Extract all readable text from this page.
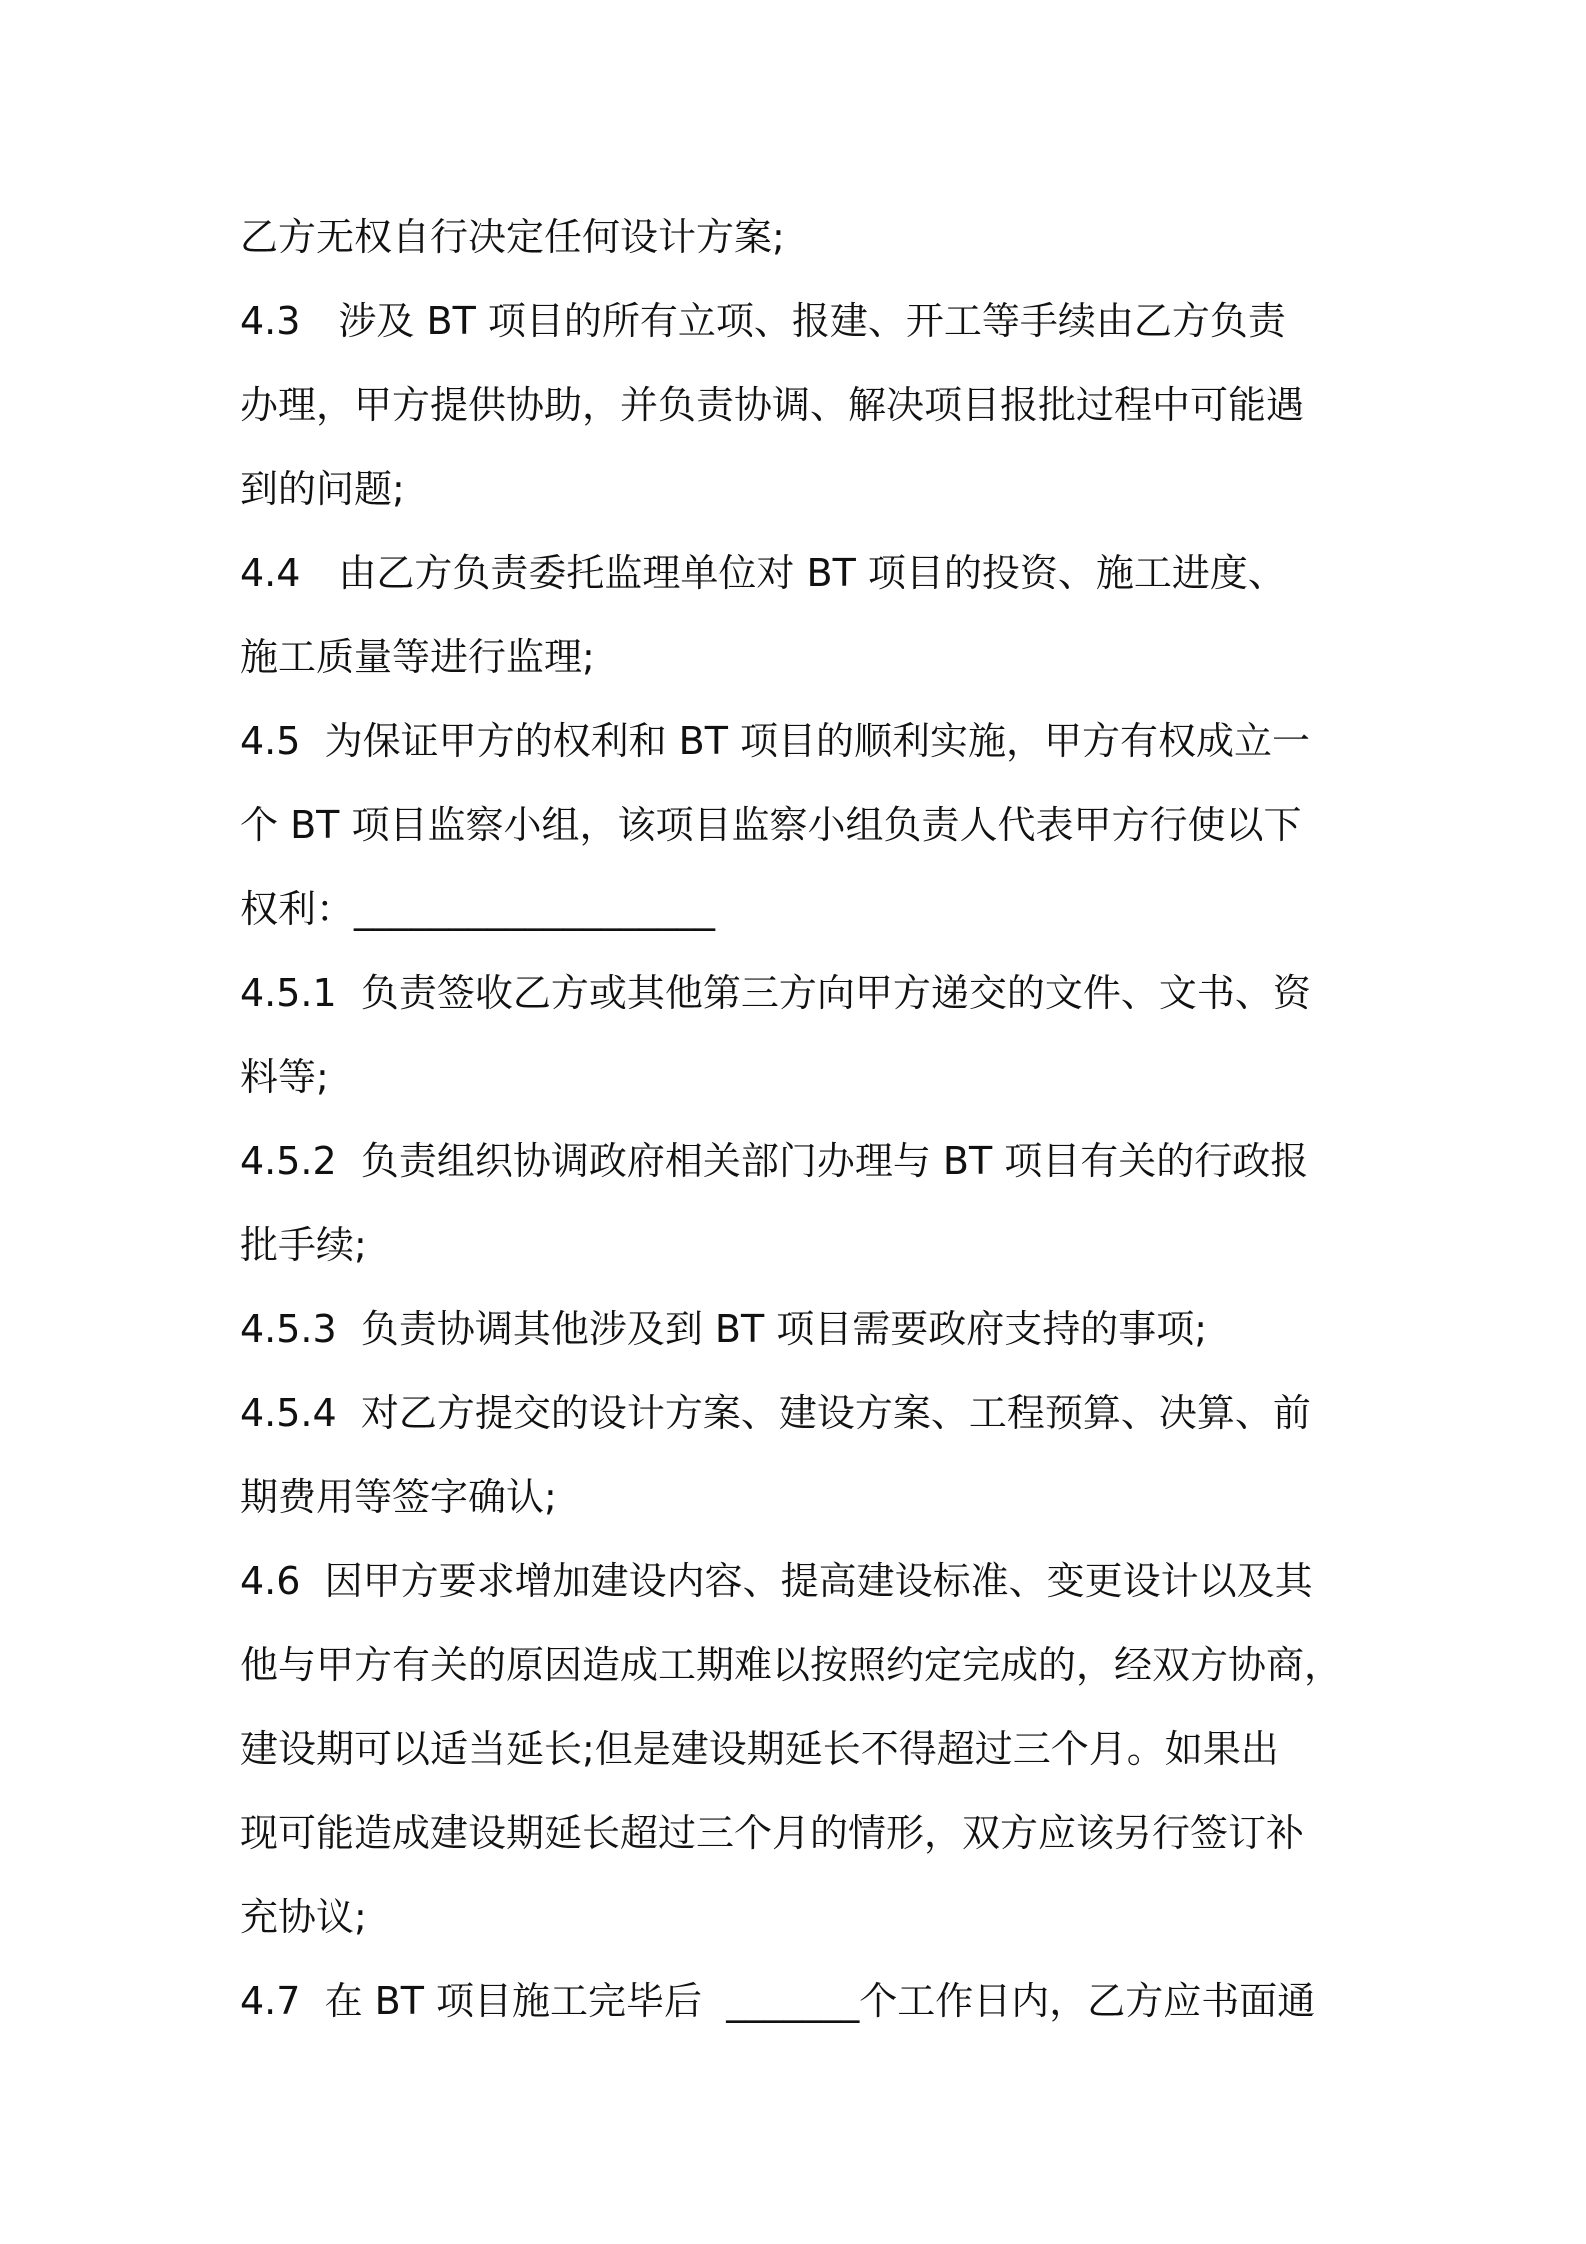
乙方无权自行决定任何设计方案;
4.3　涉及 BT 项目的所有立项、报建、开工等手续由乙方负责
办理，甲方提供协助，并负责协调、解决项目报批过程中可能遇
到的问题;
4.4　由乙方负责委托监理单位对 BT 项目的投资、施工进度、
施工质量等进行监理;
4.5  为保证甲方的权利和 BT 项目的顺利实施，甲方有权成立一
个 BT 项目监察小组，该项目监察小组负责人代表甲方行使以下
权利：___________________
4.5.1  负责签收乙方或其他第三方向甲方递交的文件、文书、资
料等;
4.5.2  负责组织协调政府相关部门办理与 BT 项目有关的行政报
批手续;
4.5.3  负责协调其他涉及到 BT 项目需要政府支持的事项;
4.5.4  对乙方提交的设计方案、建设方案、工程预算、决算、前
期费用等签字确认;
4.6  因甲方要求增加建设内容、提高建设标准、变更设计以及其
他与甲方有关的原因造成工期难以按照约定完成的，经双方协商，
建设期可以适当延长;但是建设期延长不得超过三个月。如果出
现可能造成建设期延长超过三个月的情形，双方应该另行签订补
充协议;
4.7  在 BT 项目施工完毕后  _______个工作日内，乙方应书面通
